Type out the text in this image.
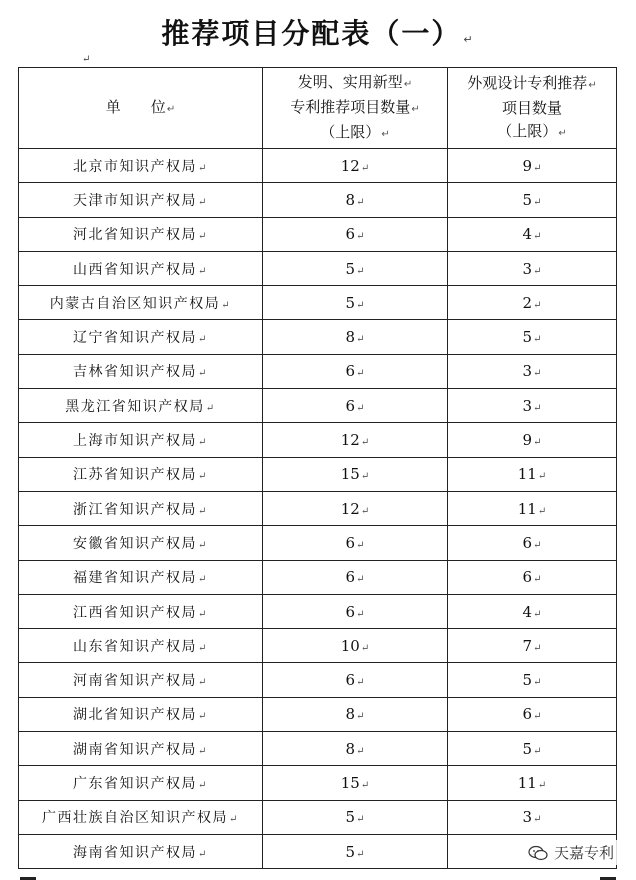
推荐项目分配表（一） ↵
↵
单　　位↵	发明、实用新型↵
专利推荐项目数量↵
（上限）↵	外观设计专利推荐↵
项目数量
（上限）↵
北京市知识产权局↵	12↵	9↵
天津市知识产权局↵	8↵	5↵
河北省知识产权局↵	6↵	4↵
山西省知识产权局↵	5↵	3↵
内蒙古自治区知识产权局↵	5↵	2↵
辽宁省知识产权局↵	8↵	5↵
吉林省知识产权局↵	6↵	3↵
黑龙江省知识产权局↵	6↵	3↵
上海市知识产权局↵	12↵	9↵
江苏省知识产权局↵	15↵	11↵
浙江省知识产权局↵	12↵	11↵
安徽省知识产权局↵	6↵	6↵
福建省知识产权局↵	6↵	6↵
江西省知识产权局↵	6↵	4↵
山东省知识产权局↵	10↵	7↵
河南省知识产权局↵	6↵	5↵
湖北省知识产权局↵	8↵	6↵
湖南省知识产权局↵	8↵	5↵
广东省知识产权局↵	15↵	11↵
广西壮族自治区知识产权局↵	5↵	3↵
海南省知识产权局↵	5↵		天嘉专利
